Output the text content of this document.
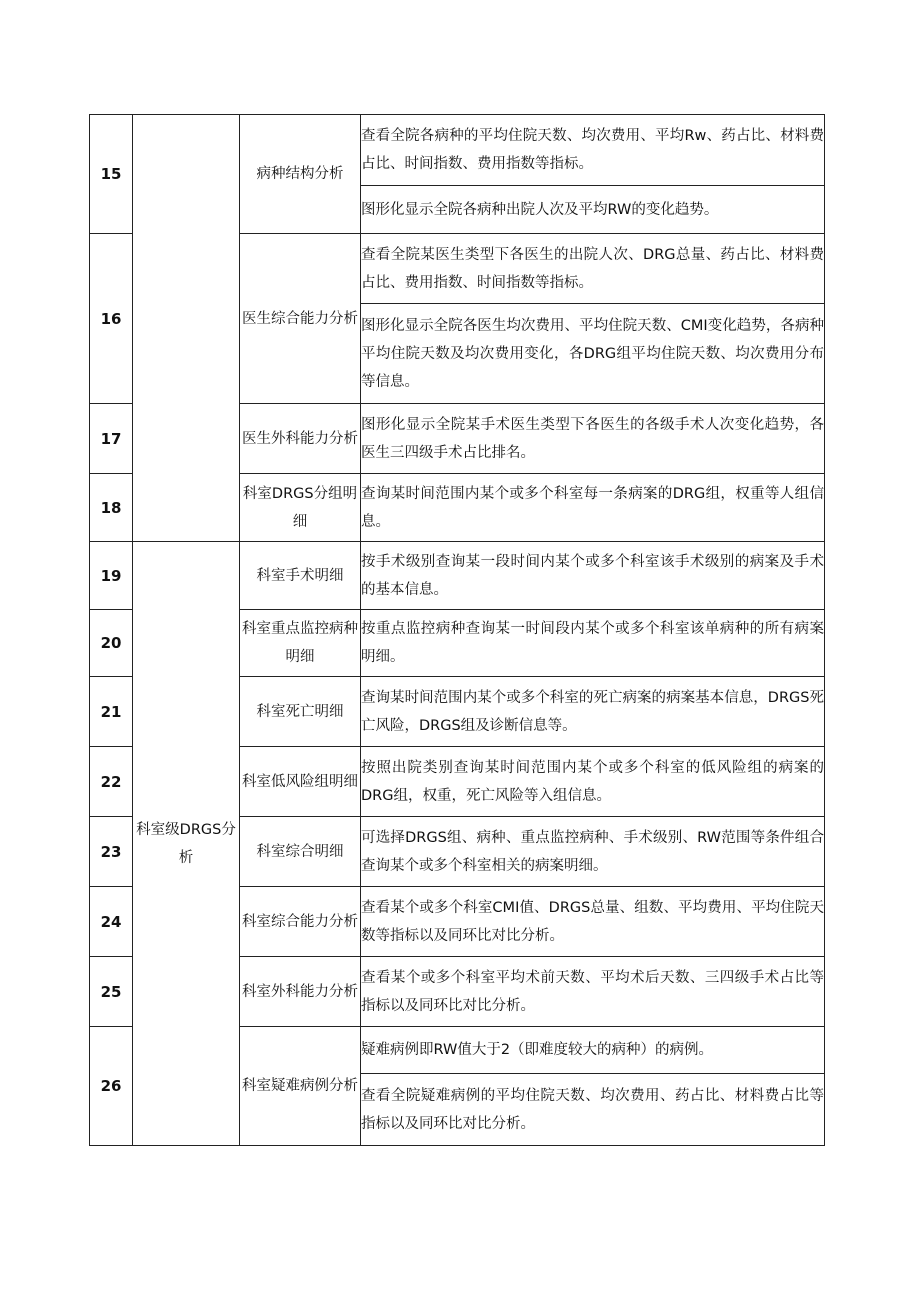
15		病种结构分析	查看全院各病种的平均住院天数、均次费用、平均Rw、药占比、材料费占比、时间指数、费用指数等指标。
			图形化显示全院各病种出院人次及平均RW的变化趋势。
16		医生综合能力分析	查看全院某医生类型下各医生的出院人次、DRG总量、药占比、材料费占比、费用指数、时间指数等指标。
			图形化显示全院各医生均次费用、平均住院天数、CMI变化趋势，各病种平均住院天数及均次费用变化，各DRG组平均住院天数、均次费用分布等信息。
17		医生外科能力分析	图形化显示全院某手术医生类型下各医生的各级手术人次变化趋势，各医生三四级手术占比排名。
18		科室DRGS分组明细	查询某时间范围内某个或多个科室每一条病案的DRG组，权重等人组信息。
19	科室级DRGS分析	科室手术明细	按手术级别查询某一段时间内某个或多个科室该手术级别的病案及手术的基本信息。
20		科室重点监控病种明细	按重点监控病种查询某一时间段内某个或多个科室该单病种的所有病案明细。
21		科室死亡明细	查询某时间范围内某个或多个科室的死亡病案的病案基本信息，DRGS死亡风险，DRGS组及诊断信息等。
22		科室低风险组明细	按照出院类别查询某时间范围内某个或多个科室的低风险组的病案的DRG组，权重，死亡风险等入组信息。
23		科室综合明细	可选择DRGS组、病种、重点监控病种、手术级别、RW范围等条件组合查询某个或多个科室相关的病案明细。
24		科室综合能力分析	查看某个或多个科室CMI值、DRGS总量、组数、平均费用、平均住院天数等指标以及同环比对比分析。
25		科室外科能力分析	查看某个或多个科室平均术前天数、平均术后天数、三四级手术占比等指标以及同环比对比分析。
26		科室疑难病例分析	疑难病例即RW值大于2（即难度较大的病种）的病例。
			查看全院疑难病例的平均住院天数、均次费用、药占比、材料费占比等指标以及同环比对比分析。
